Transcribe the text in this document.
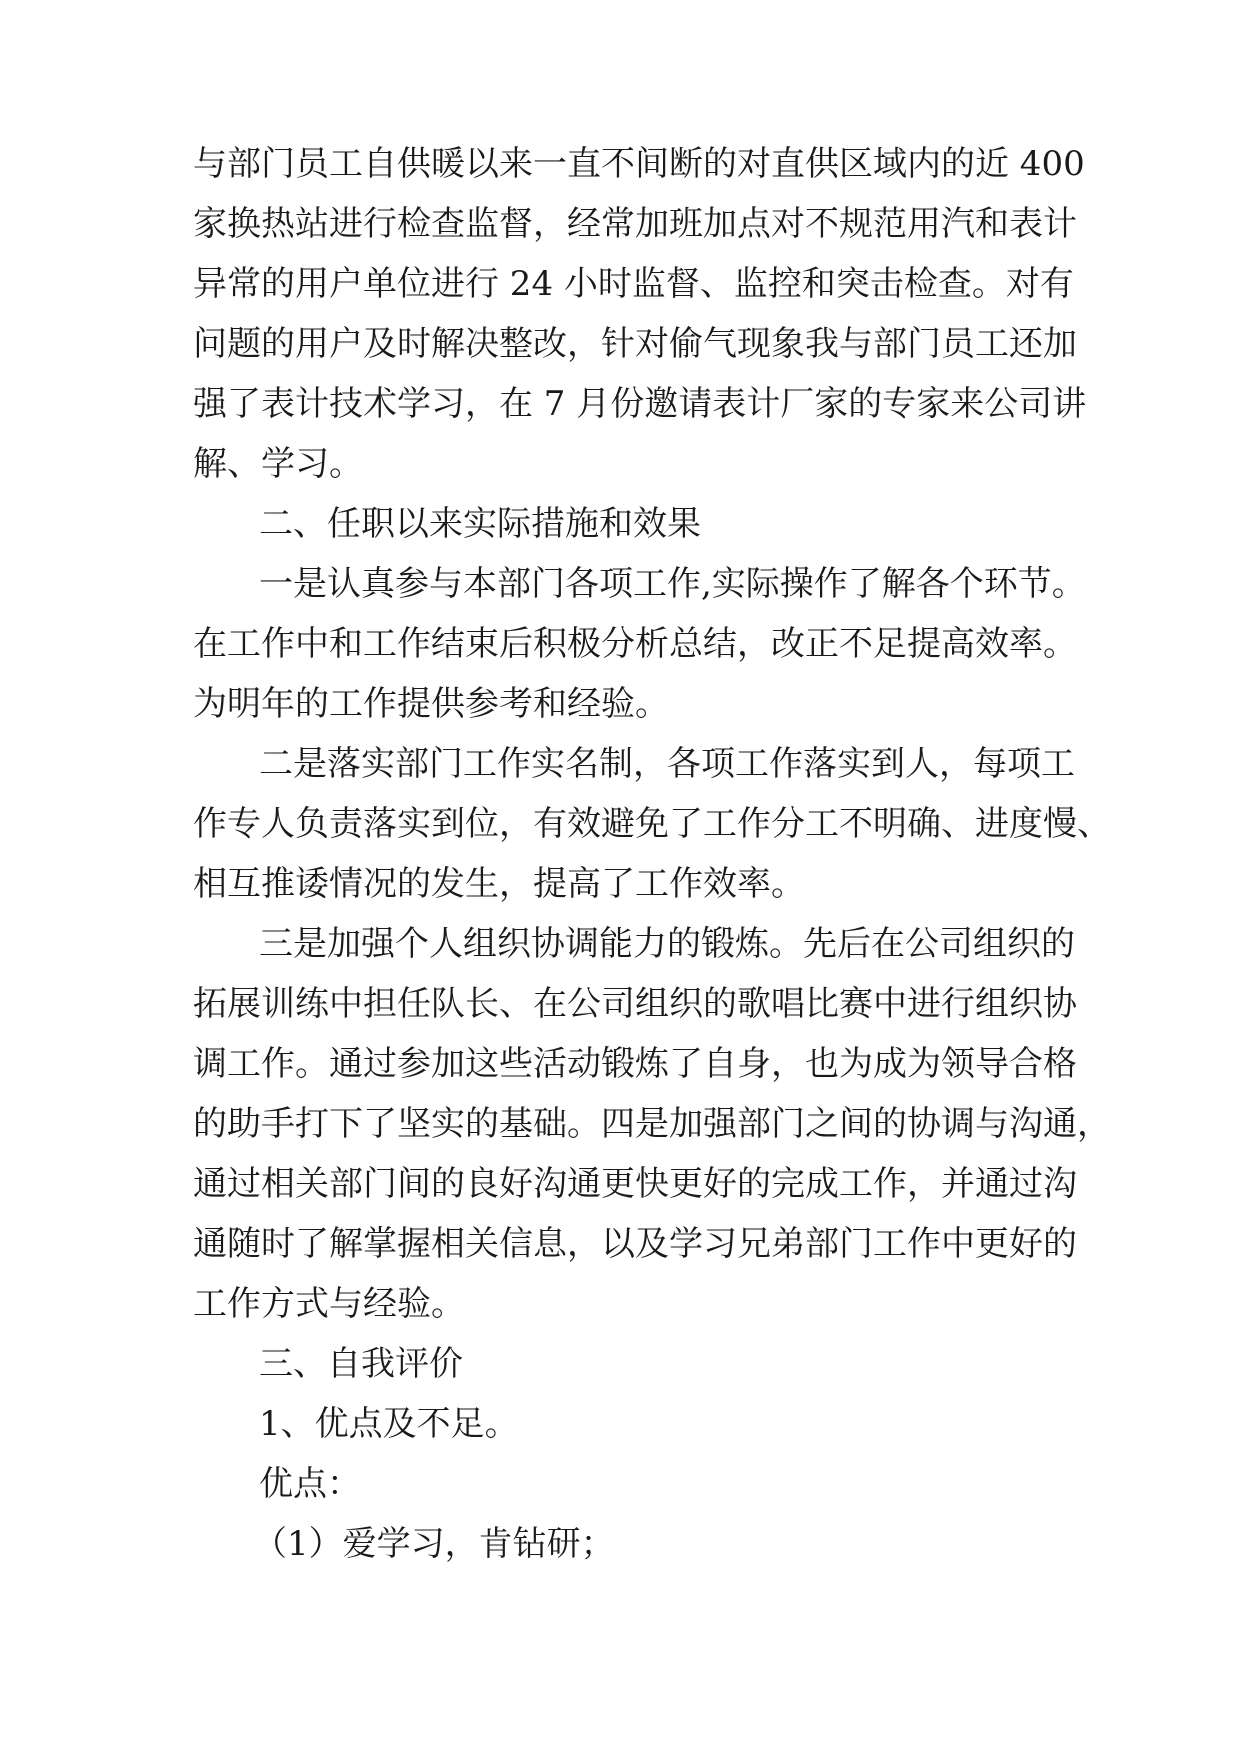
与部门员工自供暖以来一直不间断的对直供区域内的近 400
家换热站进行检查监督，经常加班加点对不规范用汽和表计
异常的用户单位进行 24 小时监督、监控和突击检查。对有
问题的用户及时解决整改，针对偷气现象我与部门员工还加
强了表计技术学习，在 7 月份邀请表计厂家的专家来公司讲
解、学习。
二、任职以来实际措施和效果
一是认真参与本部门各项工作,实际操作了解各个环节。
在工作中和工作结束后积极分析总结，改正不足提高效率。
为明年的工作提供参考和经验。
二是落实部门工作实名制，各项工作落实到人，每项工
作专人负责落实到位，有效避免了工作分工不明确、进度慢、
相互推诿情况的发生，提高了工作效率。
三是加强个人组织协调能力的锻炼。先后在公司组织的
拓展训练中担任队长、在公司组织的歌唱比赛中进行组织协
调工作。通过参加这些活动锻炼了自身，也为成为领导合格
的助手打下了坚实的基础。四是加强部门之间的协调与沟通，
通过相关部门间的良好沟通更快更好的完成工作，并通过沟
通随时了解掌握相关信息，以及学习兄弟部门工作中更好的
工作方式与经验。
三、自我评价
1、优点及不足。
优点：
（1）爱学习，肯钻研；
